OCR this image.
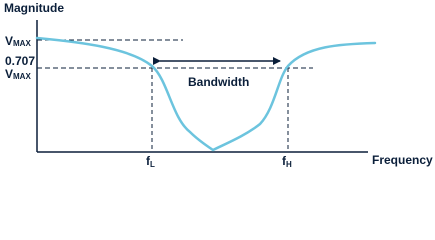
Magnitude
Frequency
VMAX
0.707
VMAX	Bandwidth
fL	fH
